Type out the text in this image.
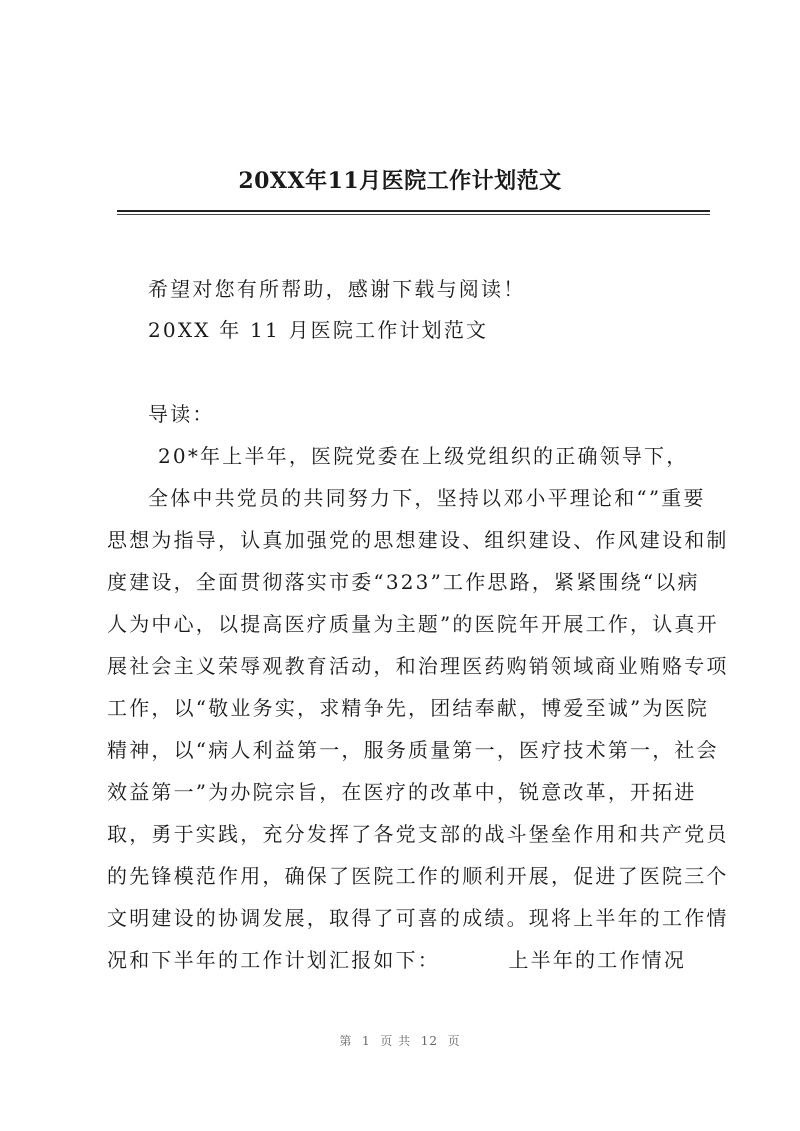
20XX年11月医院工作计划范文
希望对您有所帮助，感谢下载与阅读！
20XX 年 11 月医院工作计划范文
导读：
20*年上半年，医院党委在上级党组织的正确领导下，
全体中共党员的共同努力下，坚持以邓小平理论和“”重要
思想为指导，认真加强党的思想建设、组织建设、作风建设和制
度建设，全面贯彻落实市委“323”工作思路，紧紧围绕“以病
人为中心，以提高医疗质量为主题”的医院年开展工作，认真开
展社会主义荣辱观教育活动，和治理医药购销领域商业贿赂专项
工作，以“敬业务实，求精争先，团结奉献，博爱至诚”为医院
精神，以“病人利益第一，服务质量第一，医疗技术第一，社会
效益第一”为办院宗旨，在医疗的改革中，锐意改革，开拓进
取，勇于实践，充分发挥了各党支部的战斗堡垒作用和共产党员
的先锋模范作用，确保了医院工作的顺利开展，促进了医院三个
文明建设的协调发展，取得了可喜的成绩。现将上半年的工作情
况和下半年的工作计划汇报如下：        上半年的工作情况
第  1  页 共  12  页
